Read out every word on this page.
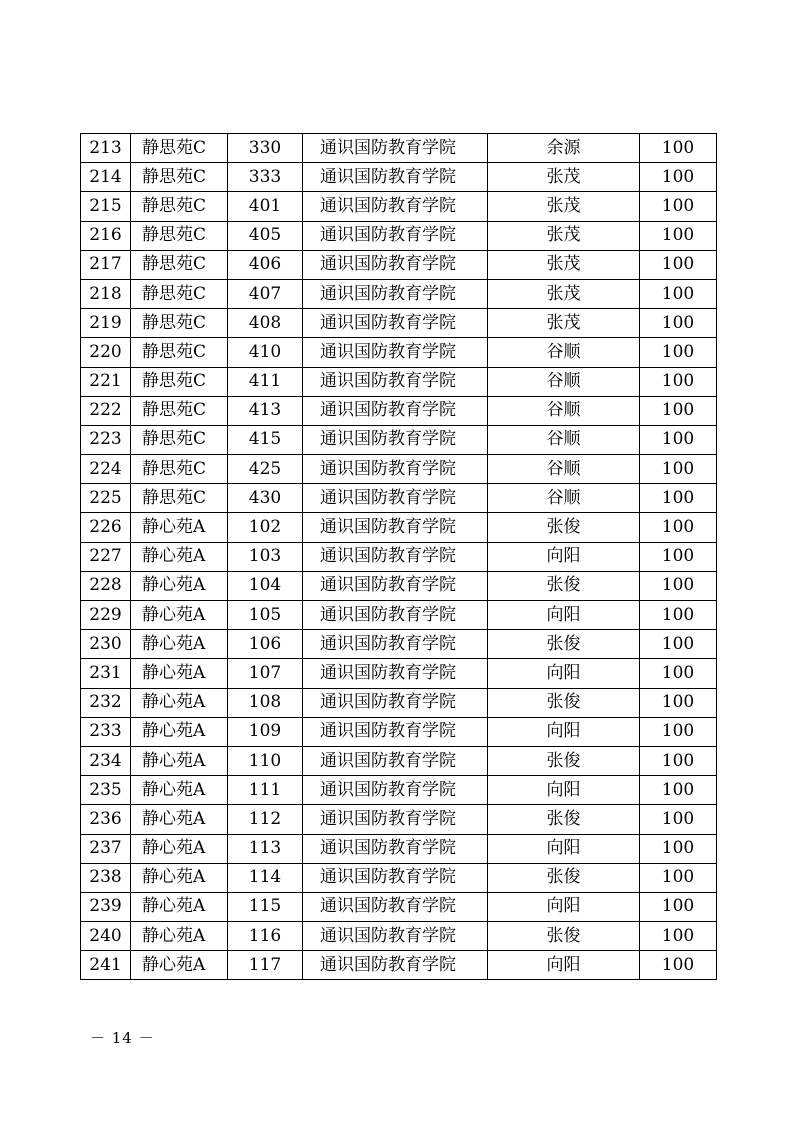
213	静思苑C	330	通识国防教育学院	余源	100
214	静思苑C	333	通识国防教育学院	张茂	100
215	静思苑C	401	通识国防教育学院	张茂	100
216	静思苑C	405	通识国防教育学院	张茂	100
217	静思苑C	406	通识国防教育学院	张茂	100
218	静思苑C	407	通识国防教育学院	张茂	100
219	静思苑C	408	通识国防教育学院	张茂	100
220	静思苑C	410	通识国防教育学院	谷顺	100
221	静思苑C	411	通识国防教育学院	谷顺	100
222	静思苑C	413	通识国防教育学院	谷顺	100
223	静思苑C	415	通识国防教育学院	谷顺	100
224	静思苑C	425	通识国防教育学院	谷顺	100
225	静思苑C	430	通识国防教育学院	谷顺	100
226	静心苑A	102	通识国防教育学院	张俊	100
227	静心苑A	103	通识国防教育学院	向阳	100
228	静心苑A	104	通识国防教育学院	张俊	100
229	静心苑A	105	通识国防教育学院	向阳	100
230	静心苑A	106	通识国防教育学院	张俊	100
231	静心苑A	107	通识国防教育学院	向阳	100
232	静心苑A	108	通识国防教育学院	张俊	100
233	静心苑A	109	通识国防教育学院	向阳	100
234	静心苑A	110	通识国防教育学院	张俊	100
235	静心苑A	111	通识国防教育学院	向阳	100
236	静心苑A	112	通识国防教育学院	张俊	100
237	静心苑A	113	通识国防教育学院	向阳	100
238	静心苑A	114	通识国防教育学院	张俊	100
239	静心苑A	115	通识国防教育学院	向阳	100
240	静心苑A	116	通识国防教育学院	张俊	100
241	静心苑A	117	通识国防教育学院	向阳	100
－ 14 －
